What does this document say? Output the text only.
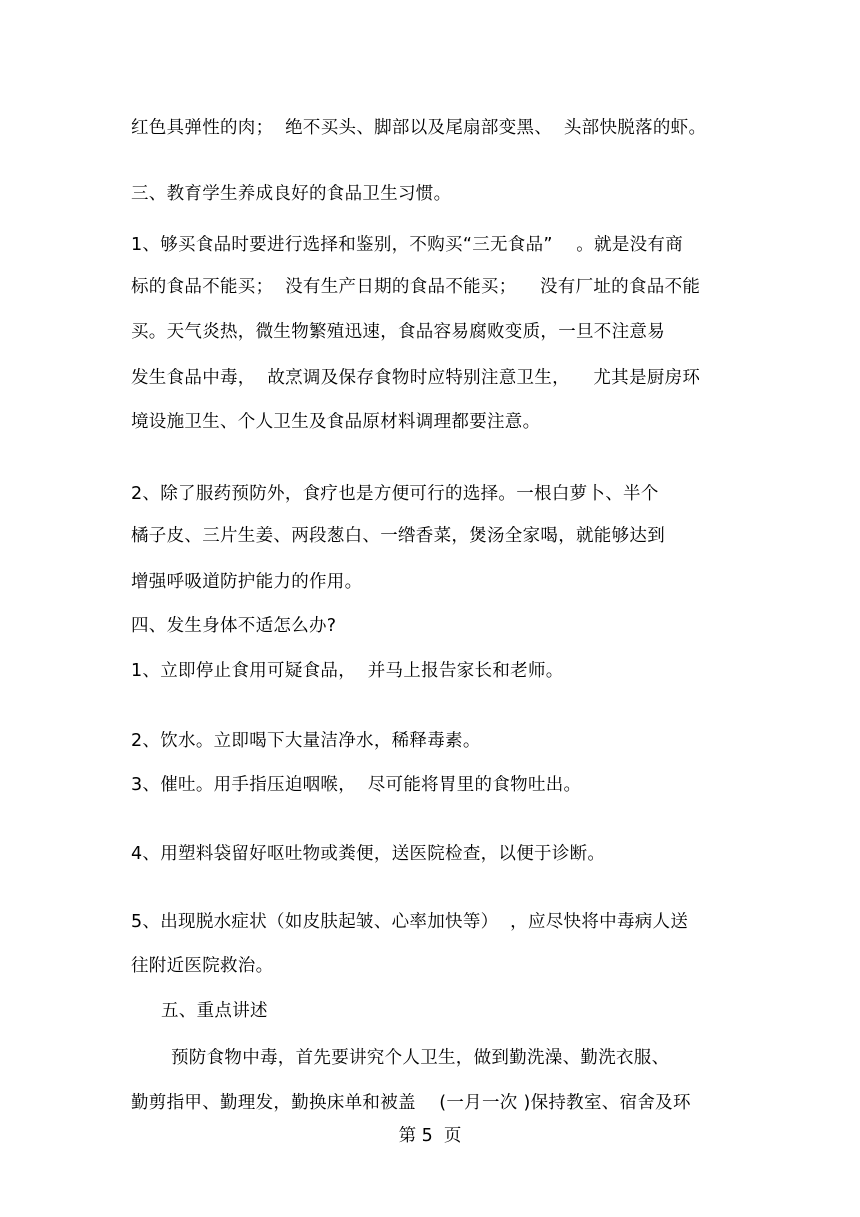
红色具弹性的肉；  绝不买头、脚部以及尾扇部变黑、  头部快脱落的虾。
三、教育学生养成良好的食品卫生习惯。
1、够买食品时要进行选择和鉴别，不购买“三无食品”    。就是没有商
标的食品不能买；  没有生产日期的食品不能买；    没有厂址的食品不能
买。天气炎热，微生物繁殖迅速，食品容易腐败变质，一旦不注意易
发生食品中毒，  故烹调及保存食物时应特别注意卫生，    尤其是厨房环
境设施卫生、个人卫生及食品原材料调理都要注意。
2、除了服药预防外，食疗也是方便可行的选择。一根白萝卜、半个
橘子皮、三片生姜、两段葱白、一绺香菜，煲汤全家喝，就能够达到
增强呼吸道防护能力的作用。
四、发生身体不适怎么办?
1、立即停止食用可疑食品，  并马上报告家长和老师。
2、饮水。立即喝下大量洁净水，稀释毒素。
3、催吐。用手指压迫咽喉，  尽可能将胃里的食物吐出。
4、用塑料袋留好呕吐物或粪便，送医院检查，以便于诊断。
5、出现脱水症状（如皮肤起皱、心率加快等）  ，应尽快将中毒病人送
往附近医院救治。
五、重点讲述
预防食物中毒，首先要讲究个人卫生，做到勤洗澡、勤洗衣服、
勤剪指甲、勤理发，勤换床单和被盖    (一月一次 )保持教室、宿舍及环
第 5  页
